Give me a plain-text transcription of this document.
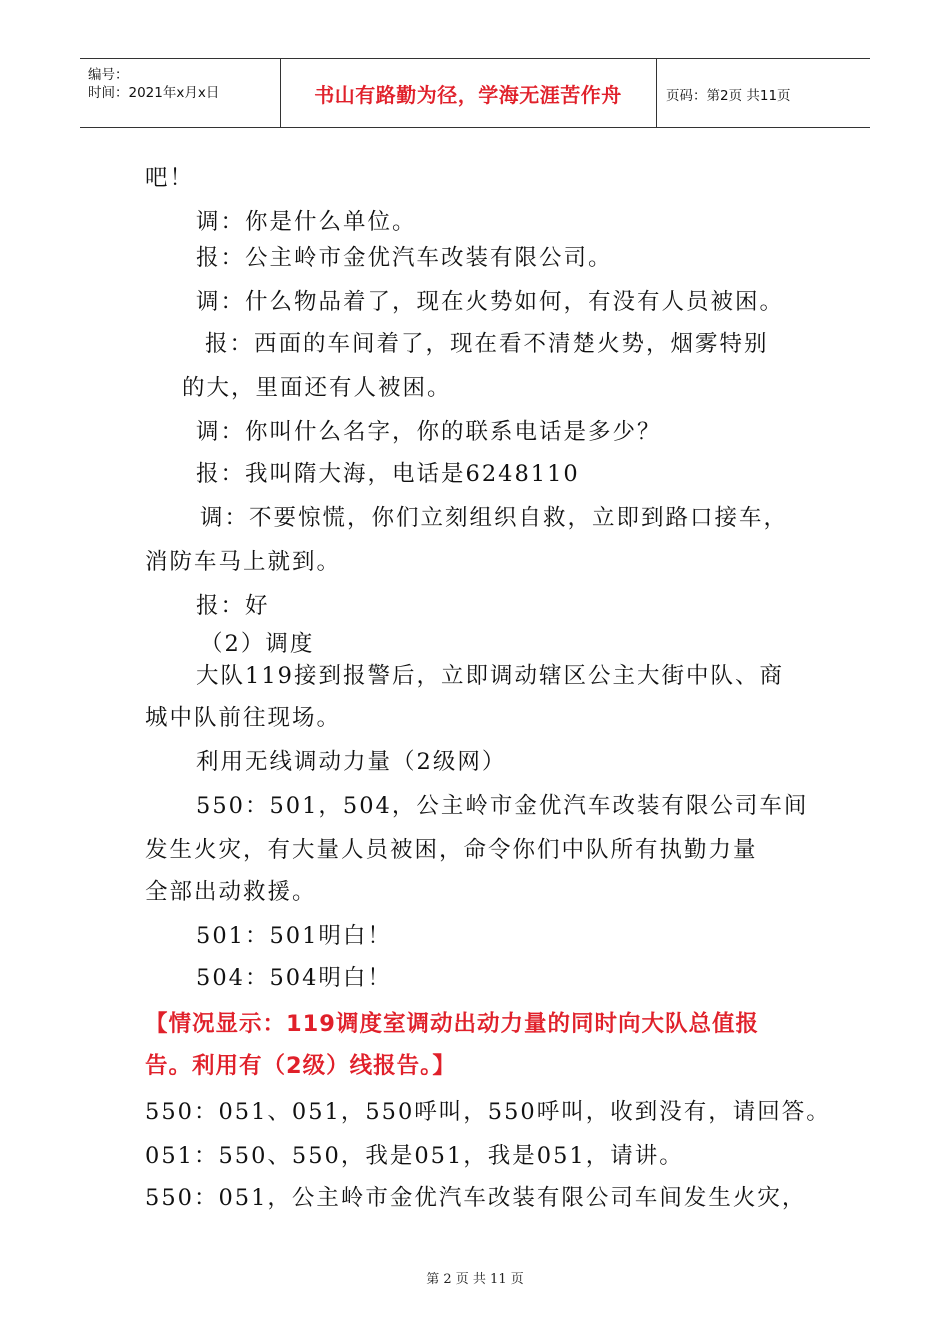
编号：
时间：2021年x月x日	书山有路勤为径，学海无涯苦作舟	页码：第2页 共11页
吧！
调：你是什么单位。
报：公主岭市金优汽车改装有限公司。
调：什么物品着了，现在火势如何，有没有人员被困。
报：西面的车间着了，现在看不清楚火势，烟雾特别
的大，里面还有人被困。
调：你叫什么名字，你的联系电话是多少？
报：我叫隋大海，电话是6248110
调：不要惊慌，你们立刻组织自救，立即到路口接车，
消防车马上就到。
报：好
（2）调度
大队119接到报警后，立即调动辖区公主大街中队、商
城中队前往现场。
利用无线调动力量（2级网）
550：501，504，公主岭市金优汽车改装有限公司车间
发生火灾，有大量人员被困，命令你们中队所有执勤力量
全部出动救援。
501：501明白！
504：504明白！
【情况显示：119调度室调动出动力量的同时向大队总值报
告。利用有（2级）线报告。】
550：051、051，550呼叫，550呼叫，收到没有，请回答。
051：550、550，我是051，我是051，请讲。
550：051，公主岭市金优汽车改装有限公司车间发生火灾，
第 2 页 共 11 页
